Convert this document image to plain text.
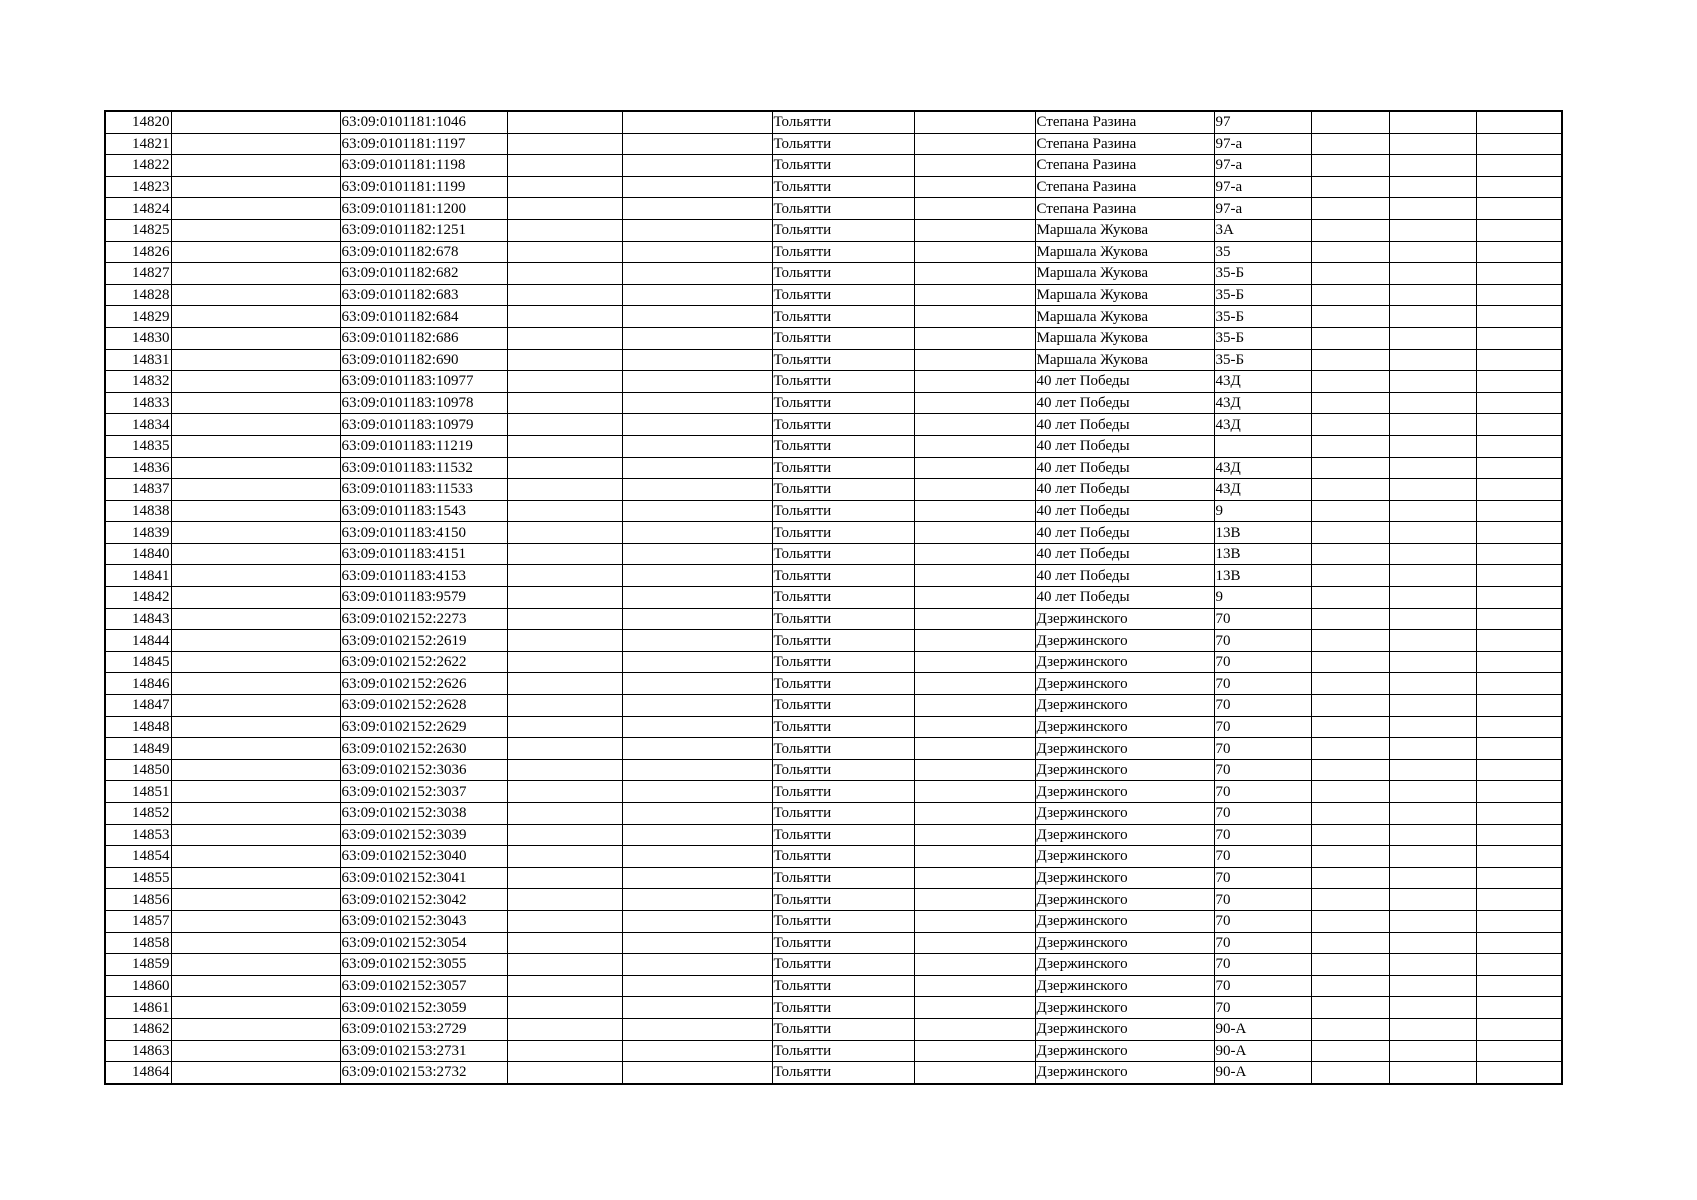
14820		63:09:0101181:1046			Тольятти		Степана Разина	97			
14821		63:09:0101181:1197			Тольятти		Степана Разина	97-а			
14822		63:09:0101181:1198			Тольятти		Степана Разина	97-а			
14823		63:09:0101181:1199			Тольятти		Степана Разина	97-а			
14824		63:09:0101181:1200			Тольятти		Степана Разина	97-а			
14825		63:09:0101182:1251			Тольятти		Маршала Жукова	3А			
14826		63:09:0101182:678			Тольятти		Маршала Жукова	35			
14827		63:09:0101182:682			Тольятти		Маршала Жукова	35-Б			
14828		63:09:0101182:683			Тольятти		Маршала Жукова	35-Б			
14829		63:09:0101182:684			Тольятти		Маршала Жукова	35-Б			
14830		63:09:0101182:686			Тольятти		Маршала Жукова	35-Б			
14831		63:09:0101182:690			Тольятти		Маршала Жукова	35-Б			
14832		63:09:0101183:10977			Тольятти		40 лет Победы	43Д			
14833		63:09:0101183:10978			Тольятти		40 лет Победы	43Д			
14834		63:09:0101183:10979			Тольятти		40 лет Победы	43Д			
14835		63:09:0101183:11219			Тольятти		40 лет Победы				
14836		63:09:0101183:11532			Тольятти		40 лет Победы	43Д			
14837		63:09:0101183:11533			Тольятти		40 лет Победы	43Д			
14838		63:09:0101183:1543			Тольятти		40 лет Победы	9			
14839		63:09:0101183:4150			Тольятти		40 лет Победы	13В			
14840		63:09:0101183:4151			Тольятти		40 лет Победы	13В			
14841		63:09:0101183:4153			Тольятти		40 лет Победы	13В			
14842		63:09:0101183:9579			Тольятти		40 лет Победы	9			
14843		63:09:0102152:2273			Тольятти		Дзержинского	70			
14844		63:09:0102152:2619			Тольятти		Дзержинского	70			
14845		63:09:0102152:2622			Тольятти		Дзержинского	70			
14846		63:09:0102152:2626			Тольятти		Дзержинского	70			
14847		63:09:0102152:2628			Тольятти		Дзержинского	70			
14848		63:09:0102152:2629			Тольятти		Дзержинского	70			
14849		63:09:0102152:2630			Тольятти		Дзержинского	70			
14850		63:09:0102152:3036			Тольятти		Дзержинского	70			
14851		63:09:0102152:3037			Тольятти		Дзержинского	70			
14852		63:09:0102152:3038			Тольятти		Дзержинского	70			
14853		63:09:0102152:3039			Тольятти		Дзержинского	70			
14854		63:09:0102152:3040			Тольятти		Дзержинского	70			
14855		63:09:0102152:3041			Тольятти		Дзержинского	70			
14856		63:09:0102152:3042			Тольятти		Дзержинского	70			
14857		63:09:0102152:3043			Тольятти		Дзержинского	70			
14858		63:09:0102152:3054			Тольятти		Дзержинского	70			
14859		63:09:0102152:3055			Тольятти		Дзержинского	70			
14860		63:09:0102152:3057			Тольятти		Дзержинского	70			
14861		63:09:0102152:3059			Тольятти		Дзержинского	70			
14862		63:09:0102153:2729			Тольятти		Дзержинского	90-А			
14863		63:09:0102153:2731			Тольятти		Дзержинского	90-А			
14864		63:09:0102153:2732			Тольятти		Дзержинского	90-А			
